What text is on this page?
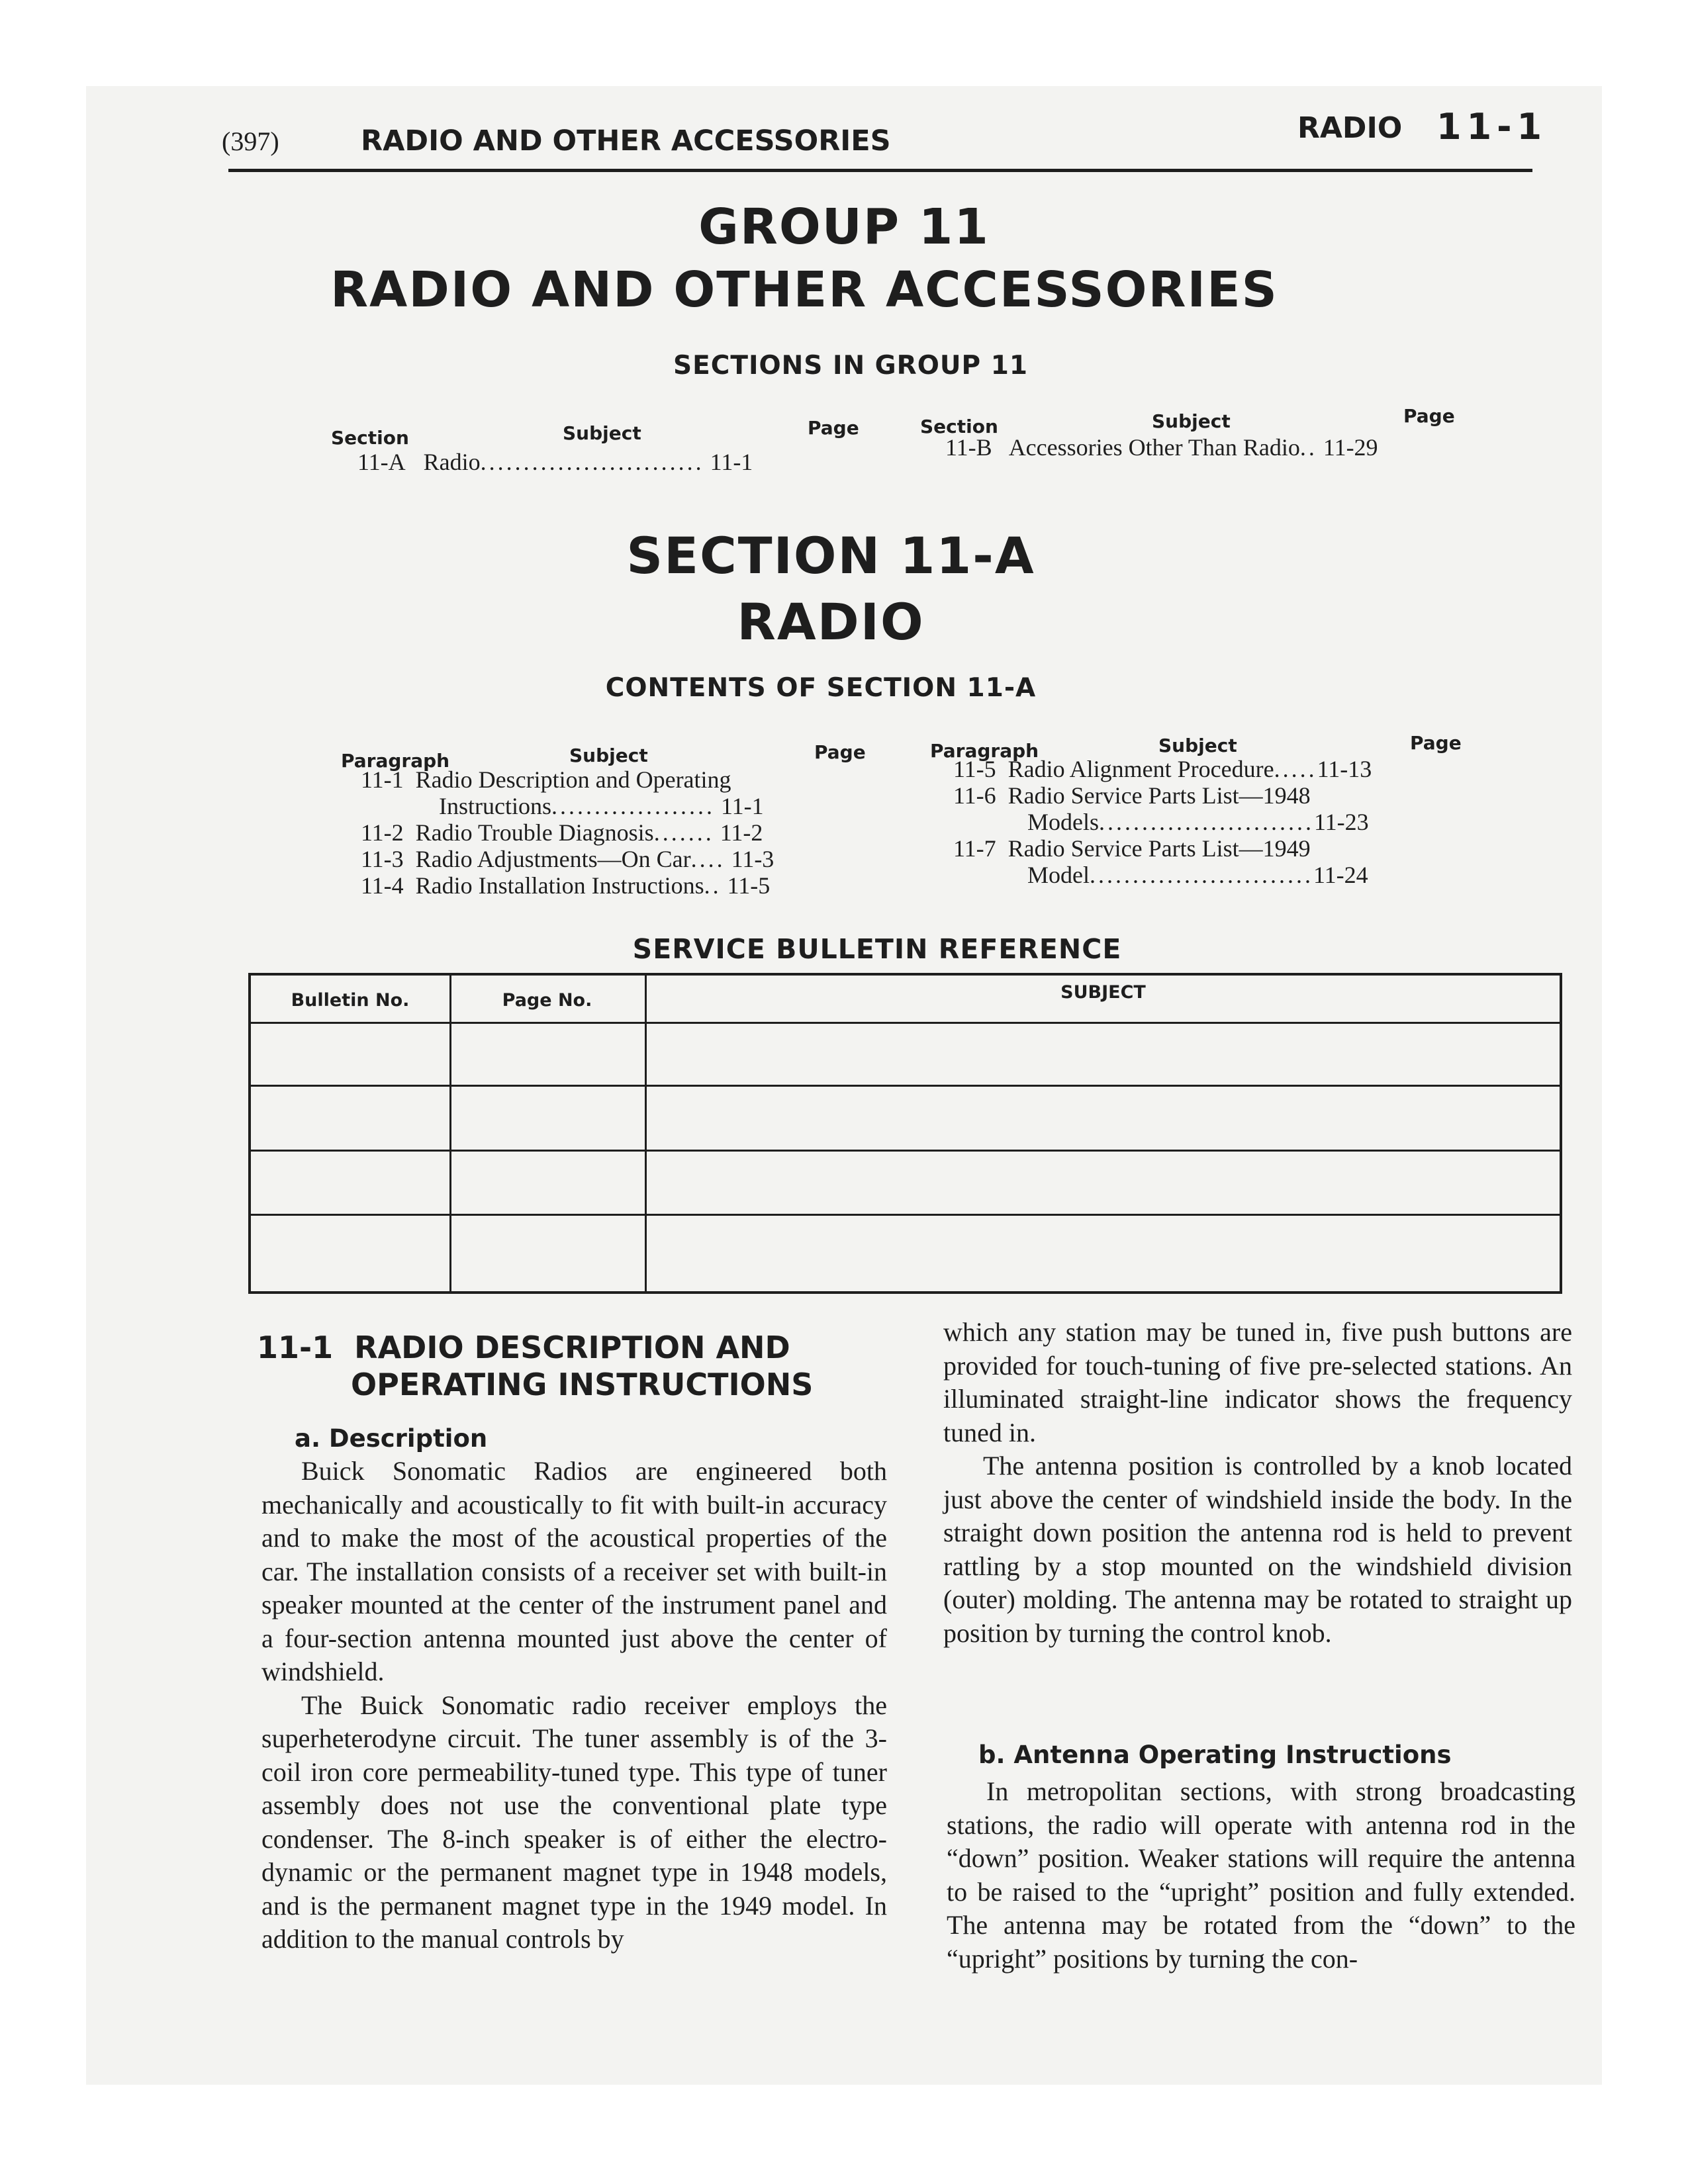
(397)	RADIO AND OTHER ACCESSORIES	RADIO 11-1
GROUP 11
RADIO AND OTHER ACCESSORIES
SECTIONS IN GROUP 11
Section	Subject	Page
11-A Radio.......................... 11-1
Section	Subject	Page
11-B Accessories Other Than Radio.. 11-29
SECTION 11-A
RADIO
CONTENTS OF SECTION 11-A
Paragraph	Subject	Page
11-1 Radio Description and Operating
Instructions................... 11-1
11-2 Radio Trouble Diagnosis....... 11-2
11-3 Radio Adjustments—On Car.... 11-3
11-4 Radio Installation Instructions.. 11-5
Paragraph	Subject	Page
11-5 Radio Alignment Procedure.....11-13
11-6 Radio Service Parts List—1948
Models.........................11-23
11-7 Radio Service Parts List—1949
Model..........................11-24
SERVICE BULLETIN REFERENCE
Bulletin No.	Page No.	SUBJECT
11-1 RADIO DESCRIPTION AND
OPERATING INSTRUCTIONS
a. Description

Buick Sonomatic Radios are engineered both mechanically and acoustically to fit with built-in accuracy and to make the most of the acoustical properties of the car. The installation consists of a receiver set with built-in speaker mounted at the center of the instrument panel and a four-section antenna mounted just above the center of windshield.

The Buick Sonomatic radio receiver employs the superheterodyne circuit. The tuner assembly is of the 3-coil iron core permeability-tuned type. This type of tuner assembly does not use the conventional plate type condenser. The 8-inch speaker is of either the electro-dynamic or the permanent magnet type in 1948 models, and is the permanent magnet type in the 1949 model. In addition to the manual controls by

which any station may be tuned in, five push buttons are provided for touch-tuning of five pre-selected stations. An illuminated straight-line indicator shows the frequency tuned in.

The antenna position is controlled by a knob located just above the center of windshield inside the body. In the straight down position the antenna rod is held to prevent rattling by a stop mounted on the windshield division (outer) molding. The antenna may be rotated to straight up position by turning the control knob.

b. Antenna Operating Instructions

In metropolitan sections, with strong broadcasting stations, the radio will operate with antenna rod in the “down” position. Weaker stations will require the antenna to be raised to the “upright” position and fully extended. The antenna may be rotated from the “down” to the “upright” positions by turning the con-
